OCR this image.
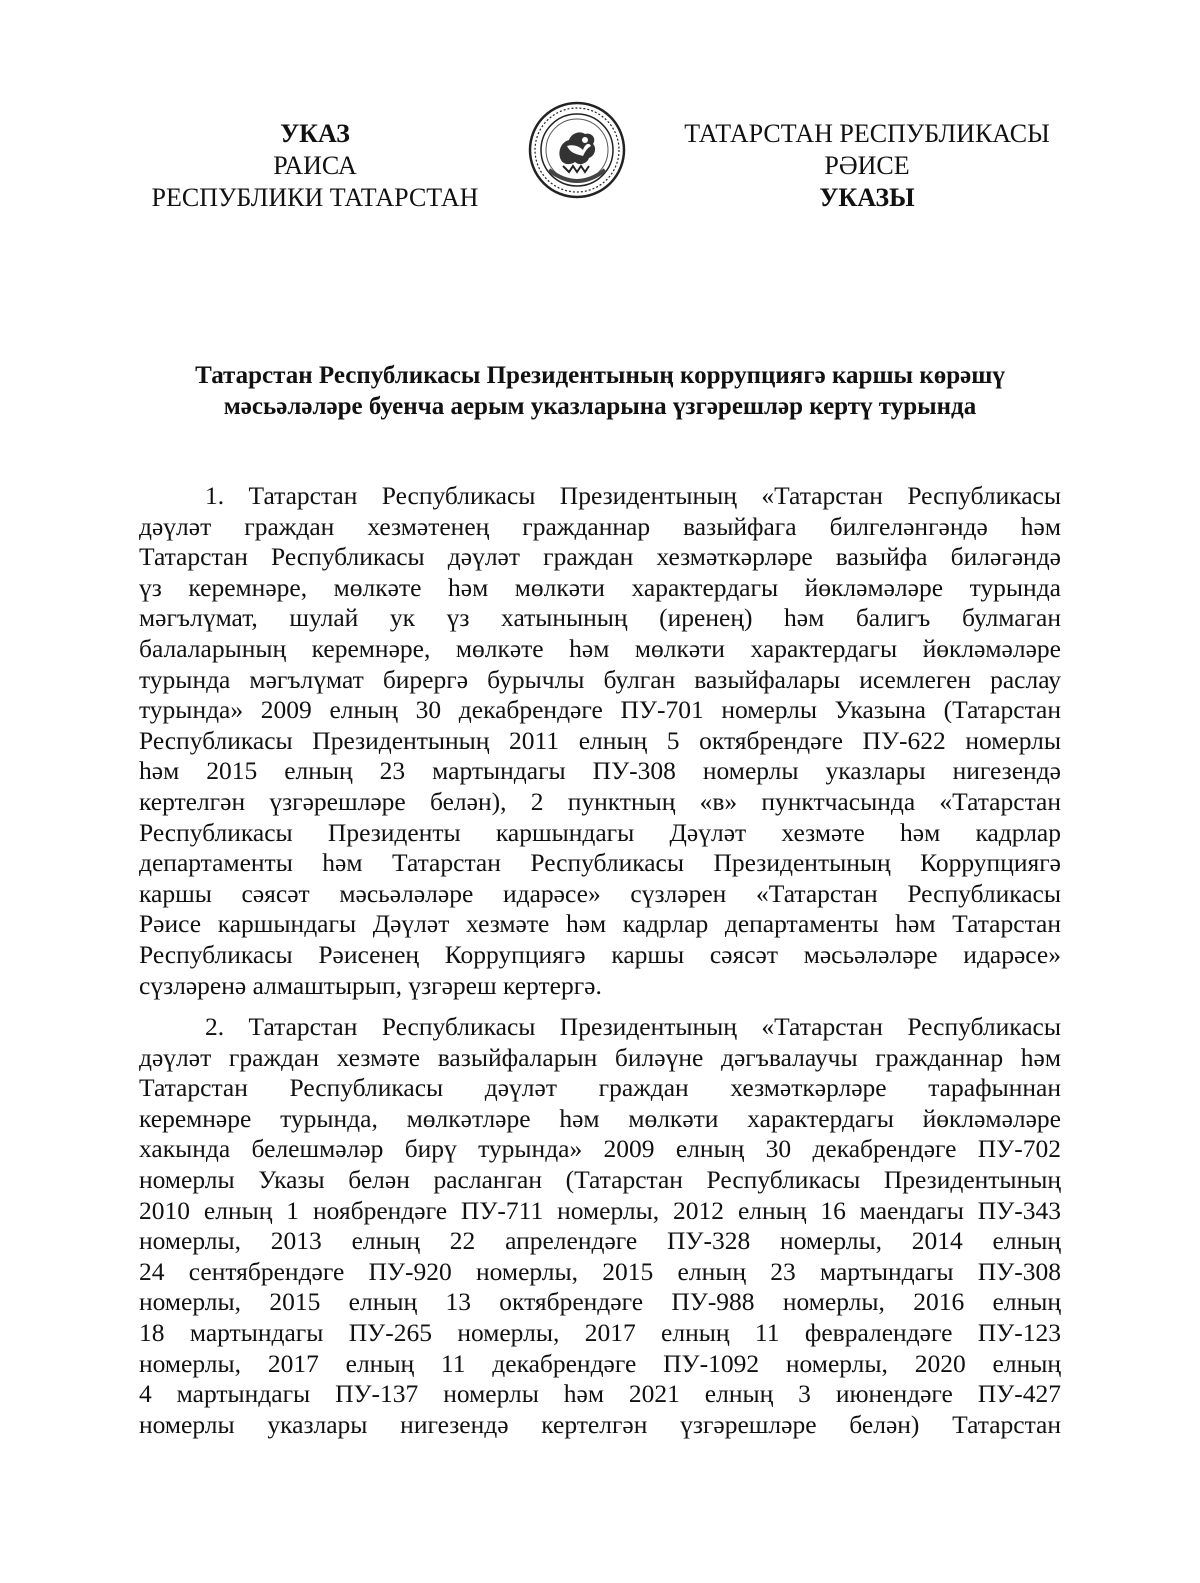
УКАЗ
РАИСА
РЕСПУБЛИКИ ТАТАРСТАН
ТАТАРСТАН РЕСПУБЛИКАСЫ
РӘИСЕ
УКАЗЫ
Татарстан Республикасы Президентының коррупциягә каршы көрәшү
мәсьәләләре буенча аерым указларына үзгәрешләр кертү турында
1. Татарстан Республикасы Президентының «Татарстан Республикасы
дәүләт граждан хезмәтенең гражданнар вазыйфага билгеләнгәндә һәм
Татарстан Республикасы дәүләт граждан хезмәткәрләре вазыйфа биләгәндә
үз керемнәре, мөлкәте һәм мөлкәти характердагы йөкләмәләре турында
мәгълүмат, шулай ук үз хатынының (иренең) һәм балигъ булмаган
балаларының керемнәре, мөлкәте һәм мөлкәти характердагы йөкләмәләре
турында мәгълүмат бирергә бурычлы булган вазыйфалары исемлеген раслау
турында» 2009 елның 30 декабрендәге ПУ-701 номерлы Указына (Татарстан
Республикасы Президентының 2011 елның 5 октябрендәге ПУ-622 номерлы
һәм 2015 елның 23 мартындагы ПУ-308 номерлы указлары нигезендә
кертелгән үзгәрешләре белән), 2 пунктның «в» пунктчасында «Татарстан
Республикасы Президенты каршындагы Дәүләт хезмәте һәм кадрлар
департаменты һәм Татарстан Республикасы Президентының Коррупциягә
каршы сәясәт мәсьәләләре идарәсе» сүзләрен «Татарстан Республикасы
Рәисе каршындагы Дәүләт хезмәте һәм кадрлар департаменты һәм Татарстан
Республикасы Рәисенең Коррупциягә каршы сәясәт мәсьәләләре идарәсе»
сүзләренә алмаштырып, үзгәреш кертергә.
2. Татарстан Республикасы Президентының «Татарстан Республикасы
дәүләт граждан хезмәте вазыйфаларын биләүне дәгъвалаучы гражданнар һәм
Татарстан Республикасы дәүләт граждан хезмәткәрләре тарафыннан
керемнәре турында, мөлкәтләре һәм мөлкәти характердагы йөкләмәләре
хакында белешмәләр бирү турында» 2009 елның 30 декабрендәге ПУ-702
номерлы Указы белән расланган (Татарстан Республикасы Президентының
2010 елның 1 ноябрендәге ПУ-711 номерлы, 2012 елның 16 маендагы ПУ-343
номерлы, 2013 елның 22 апрелендәге ПУ-328 номерлы, 2014 елның
24 сентябрендәге ПУ-920 номерлы, 2015 елның 23 мартындагы ПУ-308
номерлы, 2015 елның 13 октябрендәге ПУ-988 номерлы, 2016 елның
18 мартындагы ПУ-265 номерлы, 2017 елның 11 февралендәге ПУ-123
номерлы, 2017 елның 11 декабрендәге ПУ-1092 номерлы, 2020 елның
4 мартындагы ПУ-137 номерлы һәм 2021 елның 3 июнендәге ПУ-427
номерлы указлары нигезендә кертелгән үзгәрешләре белән) Татарстан
